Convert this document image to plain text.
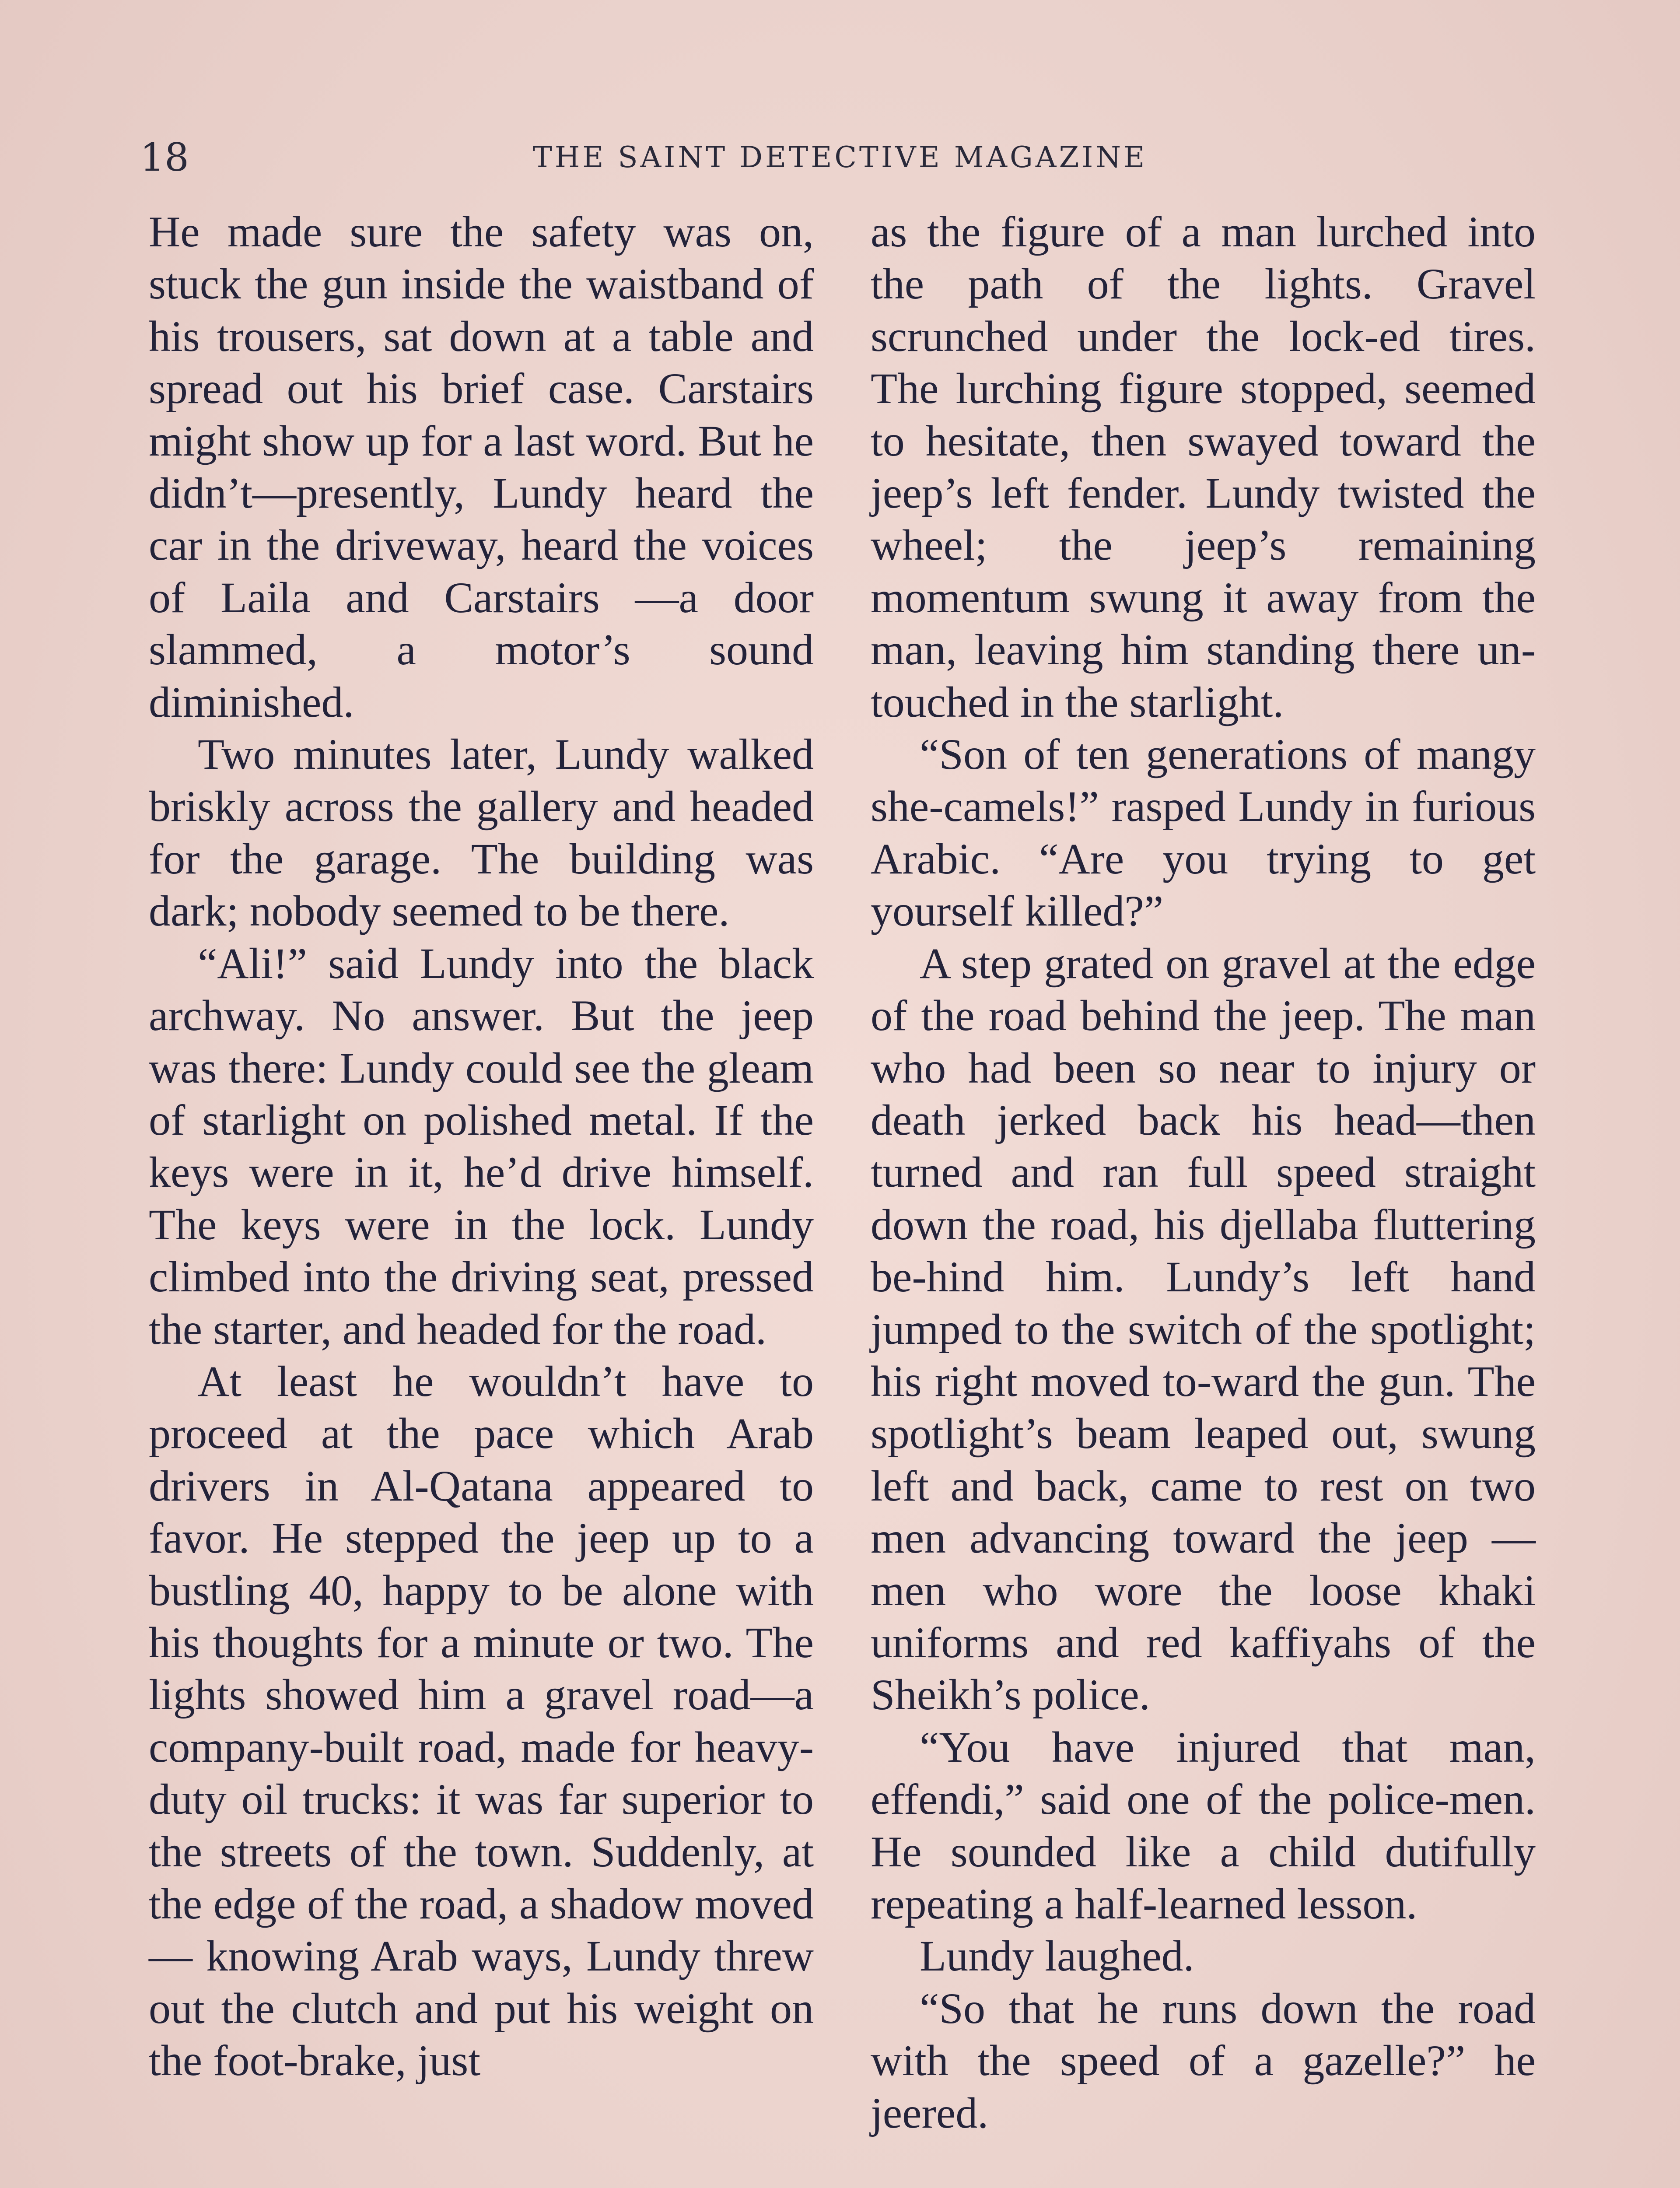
18	THE SAINT DETECTIVE MAGAZINE

He made sure the safety was on, stuck the gun inside the waistband of his trousers, sat down at a table and spread out his brief case. Carstairs might show up for a last word. But he didn’t—presently, Lundy heard the car in the driveway, heard the voices of Laila and Carstairs —a door slammed, a motor’s sound diminished.

Two minutes later, Lundy walked briskly across the gallery and headed for the garage. The building was dark; nobody seemed to be there.

“Ali!” said Lundy into the black archway. No answer. But the jeep was there: Lundy could see the gleam of starlight on polished metal. If the keys were in it, he’d drive himself. The keys were in the lock. Lundy climbed into the driving seat, pressed the starter, and headed for the road.

At least he wouldn’t have to proceed at the pace which Arab drivers in Al-Qatana appeared to favor. He stepped the jeep up to a bustling 40, happy to be alone with his thoughts for a minute or two. The lights showed him a gravel road—a company-built road, made for heavy-duty oil trucks: it was far superior to the streets of the town. Suddenly, at the edge of the road, a shadow moved— knowing Arab ways, Lundy threw out the clutch and put his weight on the foot-brake, just

as the figure of a man lurched into the path of the lights. Gravel scrunched under the lock-ed tires. The lurching figure stopped, seemed to hesitate, then swayed toward the jeep’s left fender. Lundy twisted the wheel; the jeep’s remaining momentum swung it away from the man, leaving him standing there un-touched in the starlight.

“Son of ten generations of mangy she-camels!” rasped Lundy in furious Arabic. “Are you trying to get yourself killed?”

A step grated on gravel at the edge of the road behind the jeep. The man who had been so near to injury or death jerked back his head—then turned and ran full speed straight down the road, his djellaba fluttering be-hind him. Lundy’s left hand jumped to the switch of the spotlight; his right moved to-ward the gun. The spotlight’s beam leaped out, swung left and back, came to rest on two men advancing toward the jeep —men who wore the loose khaki uniforms and red kaffiyahs of the Sheikh’s police.

“You have injured that man, effendi,” said one of the police-men. He sounded like a child dutifully repeating a half-learned lesson.

Lundy laughed.

“So that he runs down the road with the speed of a gazelle?” he jeered.
